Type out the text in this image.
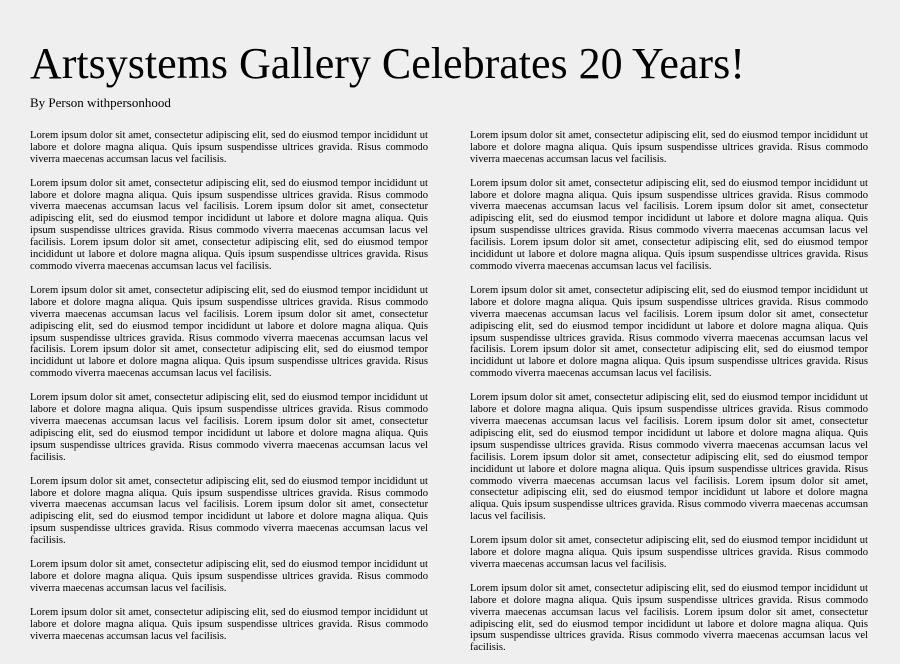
Artsystems Gallery Celebrates 20 Years!
By Person withpersonhood

Lorem ipsum dolor sit amet, consectetur adipiscing elit, sed do eiusmod tempor incididunt ut labore et dolore magna aliqua. Quis ipsum suspendisse ultrices gravida. Risus commodo viverra maecenas accumsan lacus vel facilisis.

Lorem ipsum dolor sit amet, consectetur adipiscing elit, sed do eiusmod tempor incididunt ut labore et dolore magna aliqua. Quis ipsum suspendisse ultrices gravida. Risus commodo viverra maecenas accumsan lacus vel facilisis. Lorem ipsum dolor sit amet, consectetur adipiscing elit, sed do eiusmod tempor incididunt ut labore et dolore magna aliqua. Quis ipsum suspendisse ultrices gravida. Risus commodo viverra maecenas accumsan lacus vel facilisis. Lorem ipsum dolor sit amet, consectetur adipiscing elit, sed do eiusmod tempor incididunt ut labore et dolore magna aliqua. Quis ipsum suspendisse ultrices gravida. Risus commodo viverra maecenas accumsan lacus vel facilisis.

Lorem ipsum dolor sit amet, consectetur adipiscing elit, sed do eiusmod tempor incididunt ut labore et dolore magna aliqua. Quis ipsum suspendisse ultrices gravida. Risus commodo viverra maecenas accumsan lacus vel facilisis. Lorem ipsum dolor sit amet, consectetur adipiscing elit, sed do eiusmod tempor incididunt ut labore et dolore magna aliqua. Quis ipsum suspendisse ultrices gravida. Risus commodo viverra maecenas accumsan lacus vel facilisis. Lorem ipsum dolor sit amet, consectetur adipiscing elit, sed do eiusmod tempor incididunt ut labore et dolore magna aliqua. Quis ipsum suspendisse ultrices gravida. Risus commodo viverra maecenas accumsan lacus vel facilisis.

Lorem ipsum dolor sit amet, consectetur adipiscing elit, sed do eiusmod tempor incididunt ut labore et dolore magna aliqua. Quis ipsum suspendisse ultrices gravida. Risus commodo viverra maecenas accumsan lacus vel facilisis. Lorem ipsum dolor sit amet, consectetur adipiscing elit, sed do eiusmod tempor incididunt ut labore et dolore magna aliqua. Quis ipsum suspendisse ultrices gravida. Risus commodo viverra maecenas accumsan lacus vel facilisis.

Lorem ipsum dolor sit amet, consectetur adipiscing elit, sed do eiusmod tempor incididunt ut labore et dolore magna aliqua. Quis ipsum suspendisse ultrices gravida. Risus commodo viverra maecenas accumsan lacus vel facilisis. Lorem ipsum dolor sit amet, consectetur adipiscing elit, sed do eiusmod tempor incididunt ut labore et dolore magna aliqua. Quis ipsum suspendisse ultrices gravida. Risus commodo viverra maecenas accumsan lacus vel facilisis.

Lorem ipsum dolor sit amet, consectetur adipiscing elit, sed do eiusmod tempor incididunt ut labore et dolore magna aliqua. Quis ipsum suspendisse ultrices gravida. Risus commodo viverra maecenas accumsan lacus vel facilisis.

Lorem ipsum dolor sit amet, consectetur adipiscing elit, sed do eiusmod tempor incididunt ut labore et dolore magna aliqua. Quis ipsum suspendisse ultrices gravida. Risus commodo viverra maecenas accumsan lacus vel facilisis.

Lorem ipsum dolor sit amet, consectetur adipiscing elit, sed do eiusmod tempor incididunt ut labore et dolore magna aliqua. Quis ipsum suspendisse ultrices gravida. Risus commodo viverra maecenas accumsan lacus vel facilisis.

Lorem ipsum dolor sit amet, consectetur adipiscing elit, sed do eiusmod tempor incididunt ut labore et dolore magna aliqua. Quis ipsum suspendisse ultrices gravida. Risus commodo viverra maecenas accumsan lacus vel facilisis. Lorem ipsum dolor sit amet, consectetur adipiscing elit, sed do eiusmod tempor incididunt ut labore et dolore magna aliqua. Quis ipsum suspendisse ultrices gravida. Risus commodo viverra maecenas accumsan lacus vel facilisis. Lorem ipsum dolor sit amet, consectetur adipiscing elit, sed do eiusmod tempor incididunt ut labore et dolore magna aliqua. Quis ipsum suspendisse ultrices gravida. Risus commodo viverra maecenas accumsan lacus vel facilisis.

Lorem ipsum dolor sit amet, consectetur adipiscing elit, sed do eiusmod tempor incididunt ut labore et dolore magna aliqua. Quis ipsum suspendisse ultrices gravida. Risus commodo viverra maecenas accumsan lacus vel facilisis. Lorem ipsum dolor sit amet, consectetur adipiscing elit, sed do eiusmod tempor incididunt ut labore et dolore magna aliqua. Quis ipsum suspendisse ultrices gravida. Risus commodo viverra maecenas accumsan lacus vel facilisis. Lorem ipsum dolor sit amet, consectetur adipiscing elit, sed do eiusmod tempor incididunt ut labore et dolore magna aliqua. Quis ipsum suspendisse ultrices gravida. Risus commodo viverra maecenas accumsan lacus vel facilisis.

Lorem ipsum dolor sit amet, consectetur adipiscing elit, sed do eiusmod tempor incididunt ut labore et dolore magna aliqua. Quis ipsum suspendisse ultrices gravida. Risus commodo viverra maecenas accumsan lacus vel facilisis. Lorem ipsum dolor sit amet, consectetur adipiscing elit, sed do eiusmod tempor incididunt ut labore et dolore magna aliqua. Quis ipsum suspendisse ultrices gravida. Risus commodo viverra maecenas accumsan lacus vel facilisis. Lorem ipsum dolor sit amet, consectetur adipiscing elit, sed do eiusmod tempor incididunt ut labore et dolore magna aliqua. Quis ipsum suspendisse ultrices gravida. Risus commodo viverra maecenas accumsan lacus vel facilisis. Lorem ipsum dolor sit amet, consectetur adipiscing elit, sed do eiusmod tempor incididunt ut labore et dolore magna aliqua. Quis ipsum suspendisse ultrices gravida. Risus commodo viverra maecenas accumsan lacus vel facilisis.

Lorem ipsum dolor sit amet, consectetur adipiscing elit, sed do eiusmod tempor incididunt ut labore et dolore magna aliqua. Quis ipsum suspendisse ultrices gravida. Risus commodo viverra maecenas accumsan lacus vel facilisis.

Lorem ipsum dolor sit amet, consectetur adipiscing elit, sed do eiusmod tempor incididunt ut labore et dolore magna aliqua. Quis ipsum suspendisse ultrices gravida. Risus commodo viverra maecenas accumsan lacus vel facilisis. Lorem ipsum dolor sit amet, consectetur adipiscing elit, sed do eiusmod tempor incididunt ut labore et dolore magna aliqua. Quis ipsum suspendisse ultrices gravida. Risus commodo viverra maecenas accumsan lacus vel facilisis.
